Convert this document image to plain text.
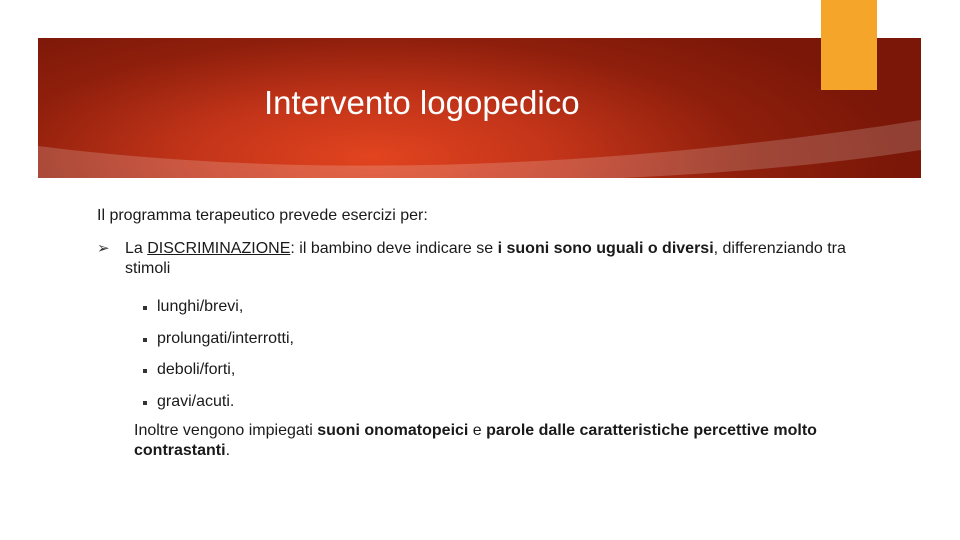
Intervento logopedico

Il programma terapeutico prevede esercizi per:

➢ La DISCRIMINAZIONE: il bambino deve indicare se i suoni sono uguali o diversi, differenziando tra stimoli

lunghi/brevi,
prolungati/interrotti,
deboli/forti,
gravi/acuti.

Inoltre vengono impiegati suoni onomatopeici e parole dalle caratteristiche percettive molto contrastanti.
